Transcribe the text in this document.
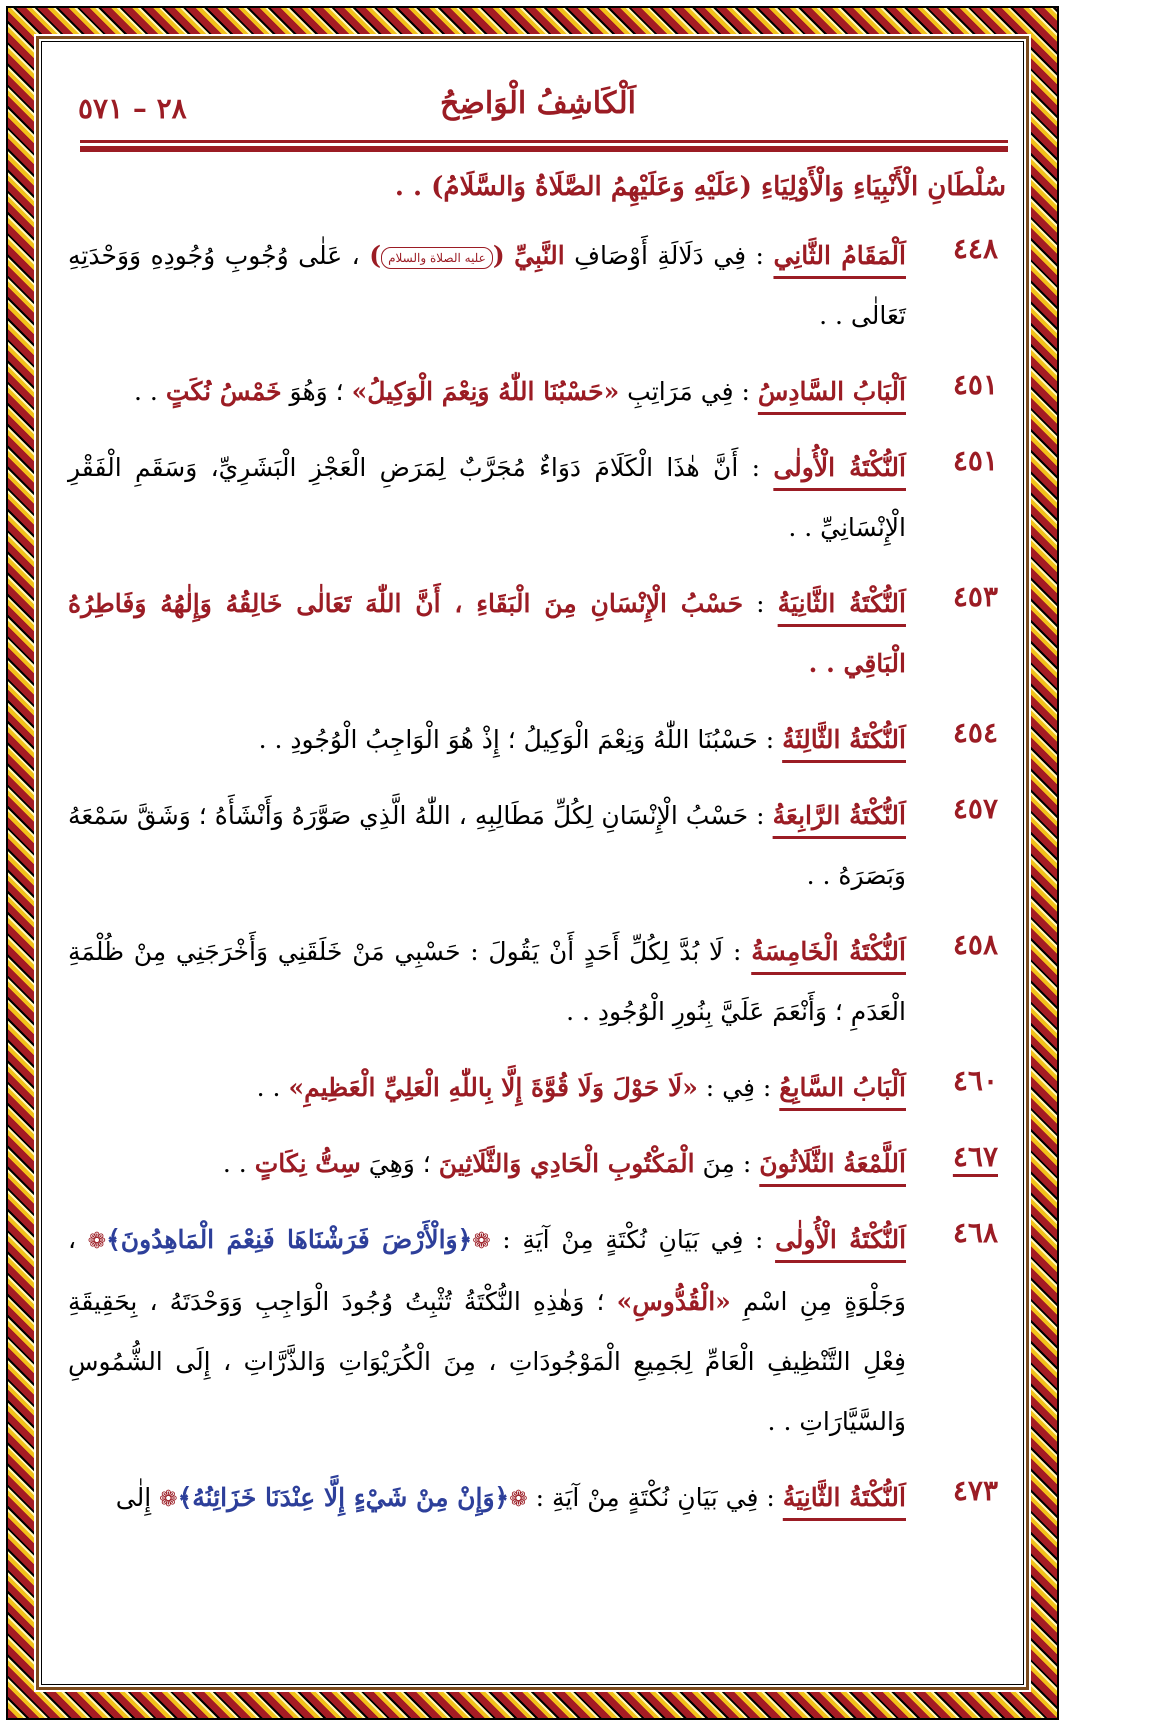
اَلْكَاشِفُ الْوَاضِحُ
٢٨ – ٥٧١
سُلْطَانِ الْأَنْبِيَاءِ وَالْأَوْلِيَاءِ (عَلَيْهِ وَعَلَيْهِمُ الصَّلَاةُ وَالسَّلَامُ) . .
٤٤٨
اَلْمَقَامُ الثَّانِي : فِي دَلَالَةِ أَوْصَافِ النَّبِيِّ (عليه الصلاة والسلام) ، عَلٰى وُجُوبِ وُجُودِهِ وَوَحْدَتِهِ تَعَالٰى . .
٤٥١
اَلْبَابُ السَّادِسُ : فِي مَرَاتِبِ «حَسْبُنَا اللّٰهُ وَنِعْمَ الْوَكِيلُ» ؛ وَهُوَ خَمْسُ نُكَتٍ . .
٤٥١
اَلنُّكْتَةُ الْأُولٰى : أَنَّ هٰذَا الْكَلَامَ دَوَاءٌ مُجَرَّبٌ لِمَرَضِ الْعَجْزِ الْبَشَرِيِّ، وَسَقَمِ الْفَقْرِ الْإِنْسَانِيِّ . .
٤٥٣
اَلنُّكْتَةُ الثَّانِيَةُ : حَسْبُ الْإِنْسَانِ مِنَ الْبَقَاءِ ، أَنَّ اللّٰهَ تَعَالٰى خَالِقُهُ وَإِلٰهُهُ وَفَاطِرُهُ الْبَاقِي . .
٤٥٤
اَلنُّكْتَةُ الثَّالِثَةُ : حَسْبُنَا اللّٰهُ وَنِعْمَ الْوَكِيلُ ؛ إِذْ هُوَ الْوَاجِبُ الْوُجُودِ . .
٤٥٧
اَلنُّكْتَةُ الرَّابِعَةُ : حَسْبُ الْإِنْسَانِ لِكُلِّ مَطَالِبِهِ ، اللّٰهُ الَّذِي صَوَّرَهُ وَأَنْشَأَهُ ؛ وَشَقَّ سَمْعَهُ وَبَصَرَهُ . .
٤٥٨
اَلنُّكْتَةُ الْخَامِسَةُ : لَا بُدَّ لِكُلِّ أَحَدٍ أَنْ يَقُولَ : حَسْبِي مَنْ خَلَقَنِي وَأَخْرَجَنِي مِنْ ظُلْمَةِ الْعَدَمِ ؛ وَأَنْعَمَ عَلَيَّ بِنُورِ الْوُجُودِ . .
٤٦٠
اَلْبَابُ السَّابِعُ : فِي : «لَا حَوْلَ وَلَا قُوَّةَ إِلَّا بِاللّٰهِ الْعَلِيِّ الْعَظِيمِ» . .
٤٦٧
اَللَّمْعَةُ الثَّلَاثُونَ : مِنَ الْمَكْتُوبِ الْحَادِي وَالثَّلَاثِينَ ؛ وَهِيَ سِتُّ نِكَاتٍ . .
٤٦٨
اَلنُّكْتَةُ الْأُولٰى : فِي بَيَانِ نُكْتَةٍ مِنْ آيَةِ : ❁﴿وَالْأَرْضَ فَرَشْنَاهَا فَنِعْمَ الْمَاهِدُونَ﴾❁ ، وَجَلْوَةٍ مِنِ اسْمِ «الْقُدُّوسِ» ؛ وَهٰذِهِ النُّكْتَةُ تُثْبِتُ وُجُودَ الْوَاجِبِ وَوَحْدَتَهُ ، بِحَقِيقَةِ فِعْلِ التَّنْظِيفِ الْعَامِّ لِجَمِيعِ الْمَوْجُودَاتِ ، مِنَ الْكُرَيْوَاتِ وَالذَّرَّاتِ ، إِلَى الشُّمُوسِ وَالسَّيَّارَاتِ . .
٤٧٣
اَلنُّكْتَةُ الثَّانِيَةُ : فِي بَيَانِ نُكْتَةٍ مِنْ آيَةِ : ❁﴿وَإِنْ مِنْ شَيْءٍ إِلَّا عِنْدَنَا خَزَائِنُهُ﴾❁ إِلٰى
